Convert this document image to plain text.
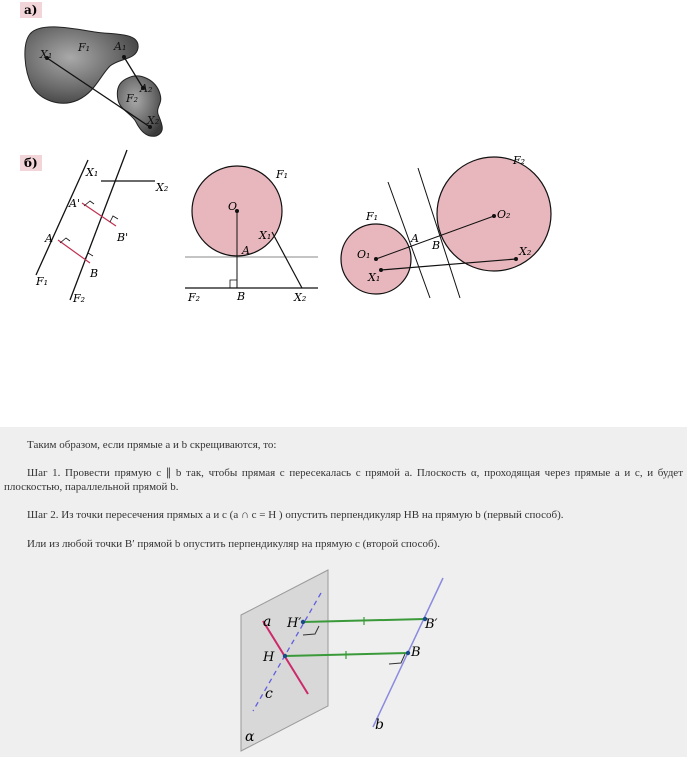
а)
X₁
F₁ A₁
A₂
F₂
X₂
б)
X₁
X₂
A'
A	B'
B
F₁
F₂
F₁
O
X₁
A
F₂	B	X₂
F₂
F₁	O₂
O₁
A
B
X₁
X₂
Таким образом, если прямые a и b скрещиваются, то:
Шаг 1. Провести прямую c ∥ b так, чтобы прямая c пересекалась с прямой a. Плоскость α, проходящая через прямые a и c, и будет плоскостью, параллельной прямой b.
Шаг 2. Из точки пересечения прямых a и c (a ∩ c = H ) опустить перпендикуляр HB на прямую b (первый способ).
Или из любой точки B′ прямой b опустить перпендикуляр на прямую c (второй способ).
a H′
H
c
α
B′
B
b
